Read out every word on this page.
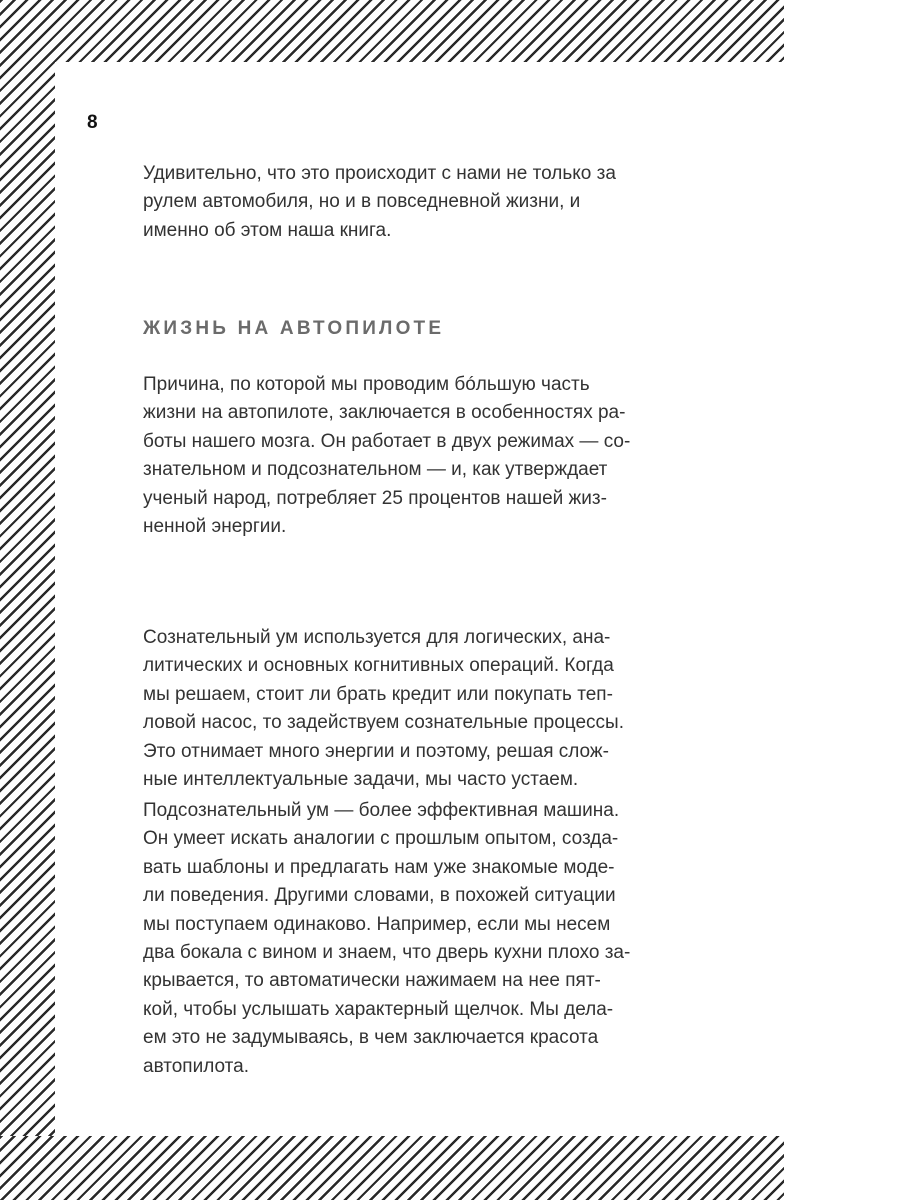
8

Удивительно, что это происходит с нами не только за
рулем автомобиля, но и в повседневной жизни, и
именно об этом наша книга.

ЖИЗНЬ НА АВТОПИЛОТЕ

Причина, по которой мы проводим бóльшую часть
жизни на автопилоте, заключается в особенностях ра-
боты нашего мозга. Он работает в двух режимах — со-
знательном и подсознательном — и, как утверждает
ученый народ, потребляет 25 процентов нашей жиз-
ненной энергии.

Сознательный ум используется для логических, ана-
литических и основных когнитивных операций. Когда
мы решаем, стоит ли брать кредит или покупать теп-
ловой насос, то задействуем сознательные процессы.
Это отнимает много энергии и поэтому, решая слож-
ные интеллектуальные задачи, мы часто устаем.

Подсознательный ум — более эффективная машина.
Он умеет искать аналогии с прошлым опытом, созда-
вать шаблоны и предлагать нам уже знакомые моде-
ли поведения. Другими словами, в похожей ситуации
мы поступаем одинаково. Например, если мы несем
два бокала с вином и знаем, что дверь кухни плохо за-
крывается, то автоматически нажимаем на нее пят-
кой, чтобы услышать характерный щелчок. Мы дела-
ем это не задумываясь, в чем заключается красота
автопилота.
